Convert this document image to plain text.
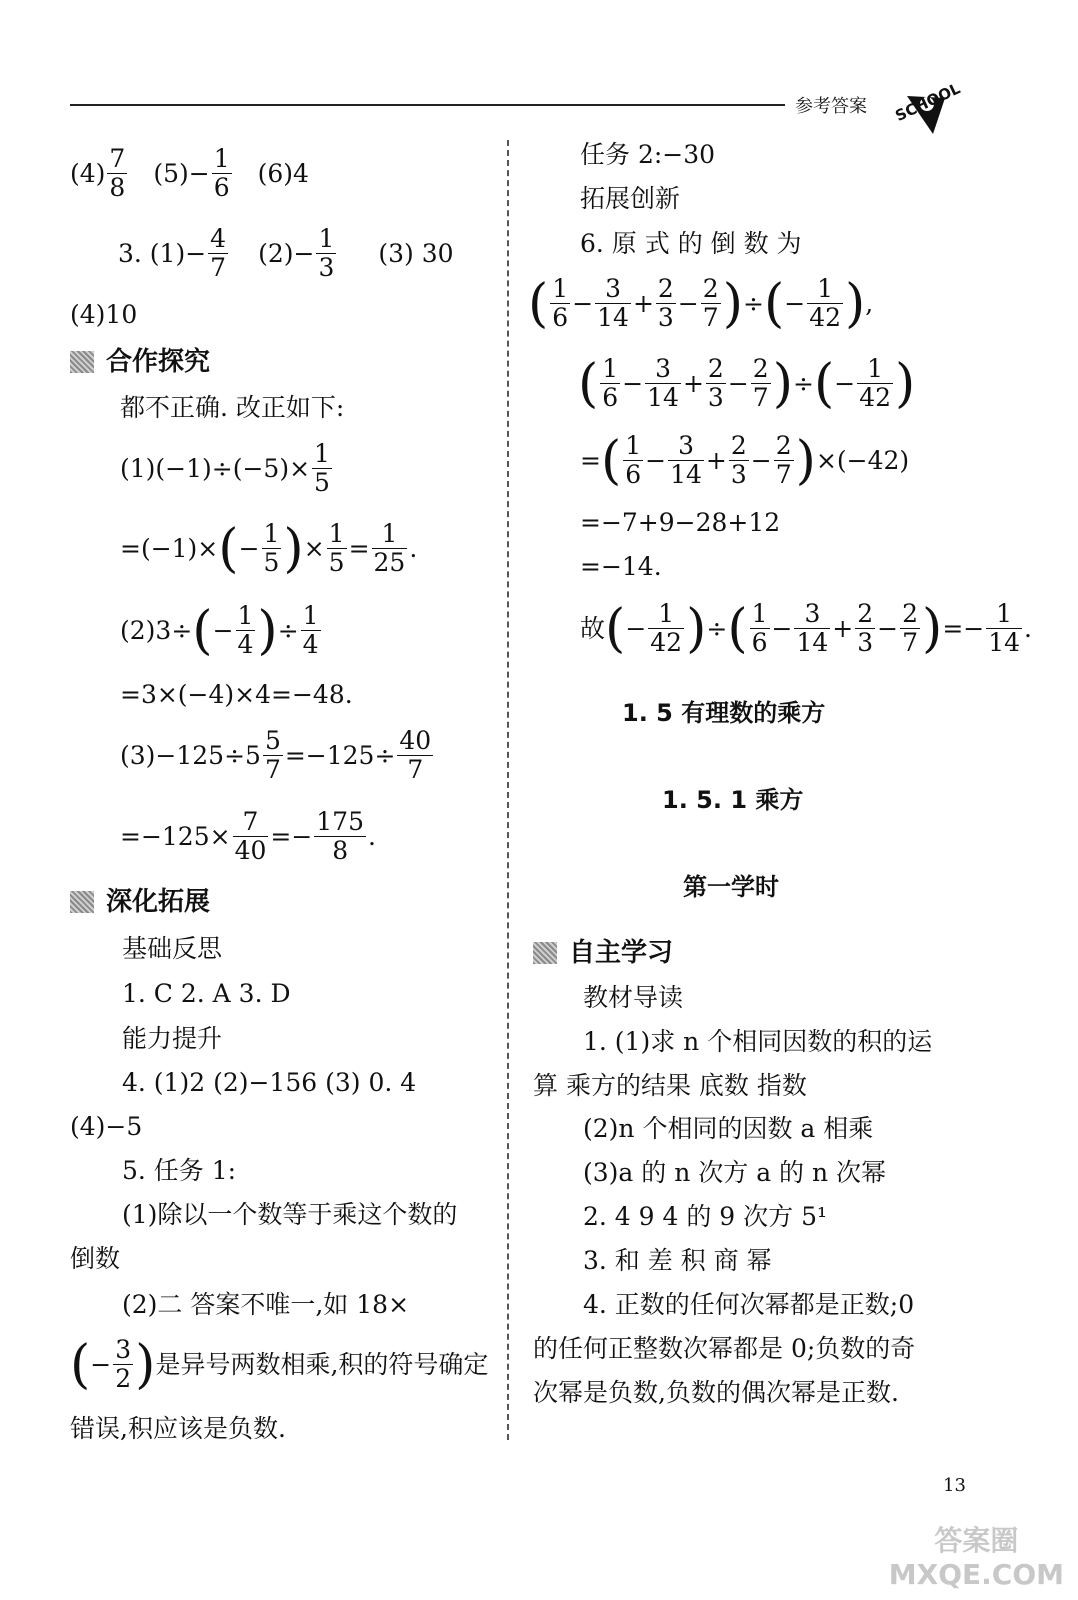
参考答案 SCHOOL
$(4) \frac{7}{8} (5)- \frac{1}{6} (6)4$
3. $(1)- \frac{4}{7} (2)- \frac{1}{3} (3)$ 30
(4)10
合作探究
都不正确. 改正如下:
$(1)(-1)\div(-5)\times \frac{1}{5}$
=(−1)× ( − $\frac{1}{5}$ ) × $\frac{1}{5} = \frac{1}{25}$ .
(2)3÷ ( − $\frac{1}{4}$ ) ÷ $\frac{1}{4}$
=3×(−4)×4=−48.
$(3)-125\div 5 \frac{5}{7} =-125\div \frac{40}{7}$
$=-125\times \frac{7}{40} =- \frac{175}{8}$ .
深化拓展
基础反思
1. C 2. A 3. D
能力提升
4. (1)2 (2)−156 (3) 0. 4
(4)−5
5. 任务 1:
(1)除以一个数等于乘这个数的
倒数
(2)二 答案不唯一,如 18×
( − $\frac{3}{2}$ ) 是异号两数相乘,积的符号确定
错误,积应该是负数.
任务 2:−30
拓展创新
6. 原 式 的 倒 数 为
( $\frac{1}{6} - \frac{3}{14} + \frac{2}{3} - \frac{2}{7}$ ) ÷ ( − $\frac{1}{42}$ ) ,
( $\frac{1}{6} - \frac{3}{14} + \frac{2}{3} - \frac{2}{7}$ ) ÷ ( − $\frac{1}{42}$ )
= ( $\frac{1}{6} - \frac{3}{14} + \frac{2}{3} - \frac{2}{7}$ ) ×(−42)
=−7+9−28+12
=−14.
故 ( − $\frac{1}{42}$ ) ÷ ( $\frac{1}{6} - \frac{3}{14} + \frac{2}{3} - \frac{2}{7}$ ) =− $\frac{1}{14}$ .
1. 5 有理数的乘方
1. 5. 1 乘方
第一学时
自主学习
教材导读
1. (1)求 n 个相同因数的积的运
算 乘方的结果 底数 指数
(2)n 个相同的因数 a 相乘
(3)a 的 n 次方 a 的 n 次幂
2. 4 9 4 的 9 次方 5¹
3. 和 差 积 商 幂
4. 正数的任何次幂都是正数;0
的任何正整数次幂都是 0;负数的奇
次幂是负数,负数的偶次幂是正数.
13
答案圈
MXQE.COM
